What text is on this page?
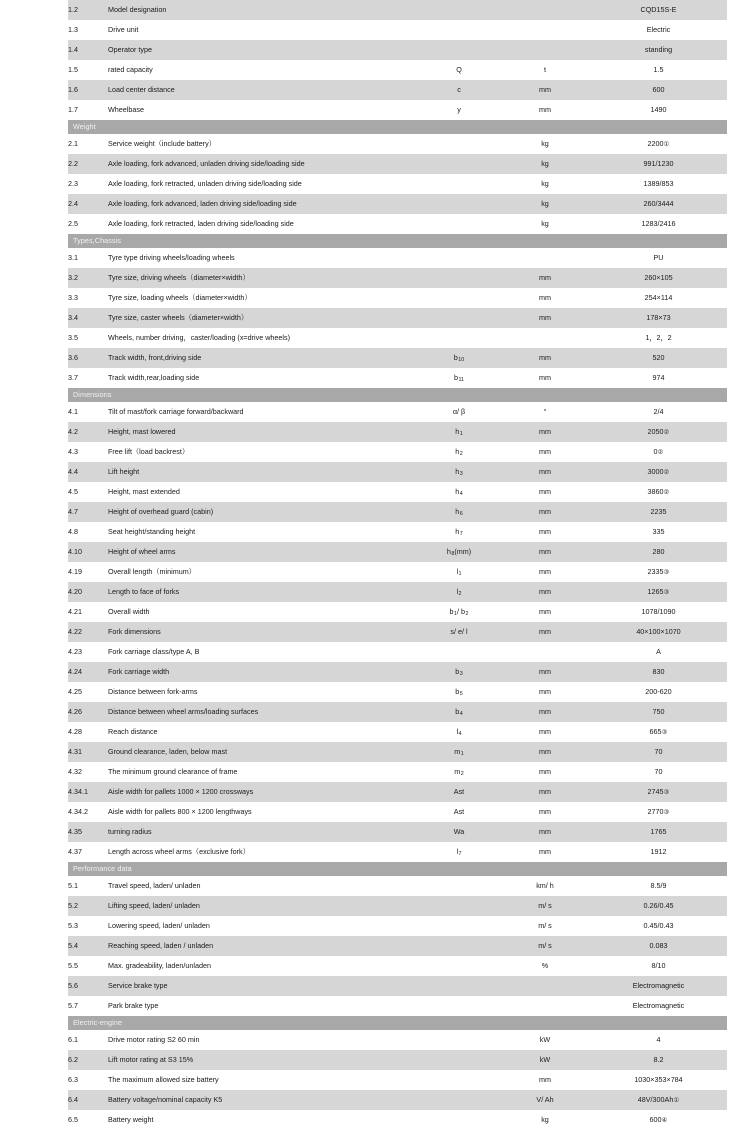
1.2	Model designation			CQD15S-E
1.3	Drive unit			Electric
1.4	Operator type			standing
1.5	rated capacity	Q	t	1.5
1.6	Load center distance	c	mm	600
1.7	Wheelbase	y	mm	1490
Weight				
2.1	Service weight（include battery）		kg	2200①
2.2	Axle loading, fork advanced, unladen driving side/loading side		kg	991/1230
2.3	Axle loading, fork retracted, unladen driving side/loading side		kg	1389/853
2.4	Axle loading, fork advanced, laden driving side/loading side		kg	260/3444
2.5	Axle loading, fork retracted, laden driving side/loading side		kg	1283/2416
Types,Chassis				
3.1	Tyre type driving wheels/loading wheels			PU
3.2	Tyre size, driving wheels（diameter×width）		mm	260×105
3.3	Tyre size, loading wheels（diameter×width）		mm	254×114
3.4	Tyre size, caster wheels（diameter×width）		mm	178×73
3.5	Wheels, number driving，caster/loading (x=drive wheels)			1，2，2
3.6	Track width, front,driving side	$b_{10}$	mm	520
3.7	Track width,rear,loading side	$b_{11}$	mm	974
Dimensions				
4.1	Tilt of mast/fork carriage forward/backward	α/ β	°	2/4
4.2	Height, mast lowered	$h_1$	mm	2050②
4.3	Free lift（load backrest）	$h_2$	mm	0②
4.4	Lift height	$h_3$	mm	3000②
4.5	Height, mast extended	$h_4$	mm	3860②
4.7	Height of overhead guard (cabin)	$h_6$	mm	2235
4.8	Seat height/standing height	$h_7$	mm	335
4.10	Height of wheel arms	$h_8(mm)$	mm	280
4.19	Overall length（minimum）	$l_1$	mm	2335③
4.20	Length to face of forks	$l_2$	mm	1265③
4.21	Overall width	$b_1/$ $b_2$	mm	1078/1090
4.22	Fork dimensions	s/ e/ l	mm	40×100×1070
4.23	Fork carriage class/type A, B			A
4.24	Fork carriage width	$b_3$	mm	830
4.25	Distance between fork-arms	$b_5$	mm	200-620
4.26	Distance between wheel arms/loading surfaces	$b_4$	mm	750
4.28	Reach distance	$l_4$	mm	665③
4.31	Ground clearance, laden, below mast	$m_1$	mm	70
4.32	The minimum ground clearance of frame	$m_2$	mm	70
4.34.1	Aisle width for pallets 1000 × 1200 crossways	Ast	mm	2745③
4.34.2	Aisle width for pallets 800 × 1200 lengthways	Ast	mm	2770③
4.35	turning radius	Wa	mm	1765
4.37	Length across wheel arms（exclusive fork）	$l_7$	mm	1912
Performance data				
5.1	Travel speed, laden/ unladen		km/ h	8.5/9
5.2	Lifting speed, laden/ unladen		m/ s	0.26/0.45
5.3	Lowering speed, laden/ unladen		m/ s	0.45/0.43
5.4	Reaching speed, laden / unladen		m/ s	0.083
5.5	Max. gradeability, laden/unladen		%	8/10
5.6	Service brake type			Electromagnetic
5.7	Park brake type			Electromagnetic
Electric-engine				
6.1	Drive motor rating S2 60 min		kW	4
6.2	Lift motor rating at S3 15%		kW	8.2
6.3	The maximum allowed size battery		mm	1030×353×784
6.4	Battery voltage/nominal capacity K5		V/ Ah	48V/300Ah①
6.5	Battery weight		kg	600④
